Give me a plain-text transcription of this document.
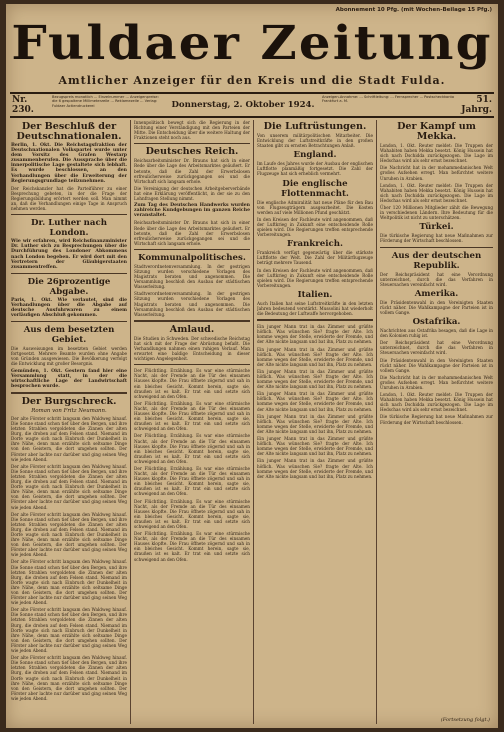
Abonnement 10 Pfg. (mit Wochen-Beilage 15 Pfg.)
Fuldaer Zeitung
Amtlicher Anzeiger für den Kreis und die Stadt Fulda.
Nr. 230.
Bezugspreis monatlich ... Einzelnummer ... Anzeigenpreise: die 6 gespaltene Millimeterzeile ... Reklamezeile ... Verlag: Fuldaer Actiendruckerei	Donnerstag, 2. Oktober 1924.
Anzeigen-Annahme: ... Schriftleitung: ... Fernsprecher ... Postscheckkonto Frankfurt a. M.	51. Jahrg.
Der Beschluß der Deutschnationalen.

Berlin, 1. Okt. Die Reichstagsfraktion der Deutschnationalen Volkspartei wurde unter dem Vorsitz des Grafen Westarp zusammenberufen. Die Aussprache über die innerpolitische Lage gestaltete sich lebhaft. Es wurde beschlossen, an den Verhandlungen über die Erweiterung der Regierungsgrundlage teilzunehmen.

Der Reichskanzler hat die Parteiführer zu einer Besprechung gebeten, in der die Frage der Regierungsbildung erörtert werden soll. Man nimmt an, daß die Verhandlungen einige Tage in Anspruch nehmen werden.

Dr. Luther nach London.

Wie wir erfahren, wird Reichsfinanzminister Dr. Luther sich zu Besprechungen über die Durchführung des Londoner Abkommens nach London begeben. Er wird dort mit den Vertretern der Gläubigerstaaten zusammentreffen.

Die 26prozentige Abgabe.

Paris, 1. Okt. Wie verlautet, sind die Verhandlungen über die Abgabe auf deutsche Ausfuhrwaren zu einem vorläufigen Abschluß gekommen.

Aus dem besetzten Gebiet.

Die Ausweisungen im besetzten Gebiet werden fortgesetzt. Mehrere Beamte wurden ohne Angabe von Gründen ausgewiesen. Die Bevölkerung verfolgt die Entwicklung mit großer Besorgnis.

Gemünden, 1. Okt. Gestern fand hier eine Versammlung statt, in der die wirtschaftliche Lage der Landwirtschaft besprochen wurde.

Der Burgschreck.
Roman von Fritz Neumann.

Der alte Förster schritt langsam den Waldweg hinauf. Die Sonne stand schon tief über den Bergen, und ihre letzten Strahlen vergoldeten die Zinnen der alten Burg, die droben auf dem Felsen stand. Niemand im Dorfe wagte sich nach Einbruch der Dunkelheit in ihre Nähe, denn man erzählte sich seltsame Dinge von den Geistern, die dort umgehen sollten. Der Förster aber lachte nur darüber und ging seinen Weg wie jeden Abend.

Der alte Förster schritt langsam den Waldweg hinauf. Die Sonne stand schon tief über den Bergen, und ihre letzten Strahlen vergoldeten die Zinnen der alten Burg, die droben auf dem Felsen stand. Niemand im Dorfe wagte sich nach Einbruch der Dunkelheit in ihre Nähe, denn man erzählte sich seltsame Dinge von den Geistern, die dort umgehen sollten. Der Förster aber lachte nur darüber und ging seinen Weg wie jeden Abend.

Der alte Förster schritt langsam den Waldweg hinauf. Die Sonne stand schon tief über den Bergen, und ihre letzten Strahlen vergoldeten die Zinnen der alten Burg, die droben auf dem Felsen stand. Niemand im Dorfe wagte sich nach Einbruch der Dunkelheit in ihre Nähe, denn man erzählte sich seltsame Dinge von den Geistern, die dort umgehen sollten. Der Förster aber lachte nur darüber und ging seinen Weg wie jeden Abend.

Der alte Förster schritt langsam den Waldweg hinauf. Die Sonne stand schon tief über den Bergen, und ihre letzten Strahlen vergoldeten die Zinnen der alten Burg, die droben auf dem Felsen stand. Niemand im Dorfe wagte sich nach Einbruch der Dunkelheit in ihre Nähe, denn man erzählte sich seltsame Dinge von den Geistern, die dort umgehen sollten. Der Förster aber lachte nur darüber und ging seinen Weg wie jeden Abend.

Der alte Förster schritt langsam den Waldweg hinauf. Die Sonne stand schon tief über den Bergen, und ihre letzten Strahlen vergoldeten die Zinnen der alten Burg, die droben auf dem Felsen stand. Niemand im Dorfe wagte sich nach Einbruch der Dunkelheit in ihre Nähe, denn man erzählte sich seltsame Dinge von den Geistern, die dort umgehen sollten. Der Förster aber lachte nur darüber und ging seinen Weg wie jeden Abend.

Der alte Förster schritt langsam den Waldweg hinauf. Die Sonne stand schon tief über den Bergen, und ihre letzten Strahlen vergoldeten die Zinnen der alten Burg, die droben auf dem Felsen stand. Niemand im Dorfe wagte sich nach Einbruch der Dunkelheit in ihre Nähe, denn man erzählte sich seltsame Dinge von den Geistern, die dort umgehen sollten. Der Förster aber lachte nur darüber und ging seinen Weg wie jeden Abend.

Innenpolitisch bewegt sich die Regierung in der Richtung einer Verständigung mit den Parteien der Mitte. Die Entscheidung über die weitere Haltung der Fraktionen steht noch aus.

Deutsches Reich.

Reichsarbeitsminister Dr. Brauns hat sich in einer Rede über die Lage des Arbeitsmarktes geäußert. Er betonte, daß die Zahl der Erwerbslosen erfreulicherweise zurückgegangen sei und die Wirtschaft sich langsam erhole.

Die Vereinigung der deutschen Arbeitgeberverbände hat eine Erklärung veröffentlicht, in der sie zu den Lohnfragen Stellung nimmt.

Zum Tag des Deutschen Handwerks wurden zahlreiche Kundgebungen im ganzen Reiche veranstaltet.

Reichsarbeitsminister Dr. Brauns hat sich in einer Rede über die Lage des Arbeitsmarktes geäußert. Er betonte, daß die Zahl der Erwerbslosen erfreulicherweise zurückgegangen sei und die Wirtschaft sich langsam erhole.

Kommunalpolitisches.

Stadtverordnetenversammlung. In der gestrigen Sitzung wurden verschiedene Vorlagen des Magistrats beraten und angenommen. Die Versammlung beschloß den Ausbau der städtischen Wasserleitung.

Stadtverordnetenversammlung. In der gestrigen Sitzung wurden verschiedene Vorlagen des Magistrats beraten und angenommen. Die Versammlung beschloß den Ausbau der städtischen Wasserleitung.

Amlaud.

Die Studien in Schweden. Der schwedische Reichstag hat sich mit der Frage der Abrüstung befaßt. Die Verhandlungen nahmen einen ruhigen Verlauf. Man erwartet eine baldige Entscheidung in dieser wichtigen Angelegenheit.

Der Flüchtling. Erzählung. Es war eine stürmische Nacht, als der Fremde an die Tür des einsamen Hauses klopfte. Die Frau öffnete zögernd und sah in ein bleiches Gesicht. Kommt herein, sagte sie, draußen ist es kalt. Er trat ein und setzte sich schweigend an den Ofen.

Der Flüchtling. Erzählung. Es war eine stürmische Nacht, als der Fremde an die Tür des einsamen Hauses klopfte. Die Frau öffnete zögernd und sah in ein bleiches Gesicht. Kommt herein, sagte sie, draußen ist es kalt. Er trat ein und setzte sich schweigend an den Ofen.

Der Flüchtling. Erzählung. Es war eine stürmische Nacht, als der Fremde an die Tür des einsamen Hauses klopfte. Die Frau öffnete zögernd und sah in ein bleiches Gesicht. Kommt herein, sagte sie, draußen ist es kalt. Er trat ein und setzte sich schweigend an den Ofen.

Der Flüchtling. Erzählung. Es war eine stürmische Nacht, als der Fremde an die Tür des einsamen Hauses klopfte. Die Frau öffnete zögernd und sah in ein bleiches Gesicht. Kommt herein, sagte sie, draußen ist es kalt. Er trat ein und setzte sich schweigend an den Ofen.

Der Flüchtling. Erzählung. Es war eine stürmische Nacht, als der Fremde an die Tür des einsamen Hauses klopfte. Die Frau öffnete zögernd und sah in ein bleiches Gesicht. Kommt herein, sagte sie, draußen ist es kalt. Er trat ein und setzte sich schweigend an den Ofen.

Der Flüchtling. Erzählung. Es war eine stürmische Nacht, als der Fremde an die Tür des einsamen Hauses klopfte. Die Frau öffnete zögernd und sah in ein bleiches Gesicht. Kommt herein, sagte sie, draußen ist es kalt. Er trat ein und setzte sich schweigend an den Ofen.

Die Luftrüstungen.

Von unserem militärpolitischen Mitarbeiter. Die Entwicklung der Luftstreitkräfte in den großen Staaten gibt zu ernsten Betrachtungen Anlaß.

England.

Im Laufe des Jahres wurde der Ausbau der englischen Luftflotte planmäßig fortgesetzt. Die Zahl der Flugzeuge hat sich erheblich vermehrt.

Die englische Flottenmacht.

Die englische Admiralität hat neue Pläne für den Bau von Flugzeugträgern ausgearbeitet. Die Kosten werden auf viele Millionen Pfund geschätzt.

In den Kreisen der Fachleute wird angenommen, daß der Luftkrieg in Zukunft eine entscheidende Rolle spielen wird. Die Regierungen treffen entsprechende Vorbereitungen.

Frankreich.

Frankreich verfügt gegenwärtig über die stärkste Luftflotte der Welt. Die Zahl der Militärflugzeuge beträgt mehrere Tausend.

In den Kreisen der Fachleute wird angenommen, daß der Luftkrieg in Zukunft eine entscheidende Rolle spielen wird. Die Regierungen treffen entsprechende Vorbereitungen.

Italien.

Auch Italien hat seine Luftstreitkräfte in den letzten Jahren bedeutend verstärkt. Mussolini hat wiederholt die Bedeutung der Luftwaffe hervorgehoben.

Ein junger Mann trat in das Zimmer und grüßte höflich. Was wünschen Sie? fragte der Alte. Ich komme wegen der Stelle, erwiderte der Fremde, und der Alte nickte langsam und bat ihn, Platz zu nehmen.

Ein junger Mann trat in das Zimmer und grüßte höflich. Was wünschen Sie? fragte der Alte. Ich komme wegen der Stelle, erwiderte der Fremde, und der Alte nickte langsam und bat ihn, Platz zu nehmen.

Ein junger Mann trat in das Zimmer und grüßte höflich. Was wünschen Sie? fragte der Alte. Ich komme wegen der Stelle, erwiderte der Fremde, und der Alte nickte langsam und bat ihn, Platz zu nehmen.

Ein junger Mann trat in das Zimmer und grüßte höflich. Was wünschen Sie? fragte der Alte. Ich komme wegen der Stelle, erwiderte der Fremde, und der Alte nickte langsam und bat ihn, Platz zu nehmen.

Ein junger Mann trat in das Zimmer und grüßte höflich. Was wünschen Sie? fragte der Alte. Ich komme wegen der Stelle, erwiderte der Fremde, und der Alte nickte langsam und bat ihn, Platz zu nehmen.

Ein junger Mann trat in das Zimmer und grüßte höflich. Was wünschen Sie? fragte der Alte. Ich komme wegen der Stelle, erwiderte der Fremde, und der Alte nickte langsam und bat ihn, Platz zu nehmen.

Ein junger Mann trat in das Zimmer und grüßte höflich. Was wünschen Sie? fragte der Alte. Ich komme wegen der Stelle, erwiderte der Fremde, und der Alte nickte langsam und bat ihn, Platz zu nehmen.

Der Kampf um Mekka.

London, 1. Okt. Reuter meldet: Die Truppen der Wahabiten haben Mekka besetzt. König Hussein hat sich nach Dschidda zurückgezogen. Die Lage im Hedschas wird als sehr ernst bezeichnet.

Die Nachricht hat in der mohammedanischen Welt großes Aufsehen erregt. Man befürchtet weitere Unruhen in Arabien.

London, 1. Okt. Reuter meldet: Die Truppen der Wahabiten haben Mekka besetzt. König Hussein hat sich nach Dschidda zurückgezogen. Die Lage im Hedschas wird als sehr ernst bezeichnet.

Über 120 Millionen Mitglieder zählt die Bewegung in verschiedenen Ländern. Ihre Bedeutung für die Weltpolitik ist nicht zu unterschätzen.

Türkei.

Die türkische Regierung hat neue Maßnahmen zur Förderung der Wirtschaft beschlossen.

Aus der deutschen Republik.

Der Reichspräsident hat eine Verordnung unterzeichnet, durch die das Verfahren in Steuersachen vereinfacht wird.

Amerika.

Die Präsidentenwahl in den Vereinigten Staaten rückt näher. Die Wahlkampagne der Parteien ist in vollem Gange.

Ostafrika.

Nachrichten aus Ostafrika besagen, daß die Lage in den Kolonien ruhig ist.

Der Reichspräsident hat eine Verordnung unterzeichnet, durch die das Verfahren in Steuersachen vereinfacht wird.

Die Präsidentenwahl in den Vereinigten Staaten rückt näher. Die Wahlkampagne der Parteien ist in vollem Gange.

Die Nachricht hat in der mohammedanischen Welt großes Aufsehen erregt. Man befürchtet weitere Unruhen in Arabien.

London, 1. Okt. Reuter meldet: Die Truppen der Wahabiten haben Mekka besetzt. König Hussein hat sich nach Dschidda zurückgezogen. Die Lage im Hedschas wird als sehr ernst bezeichnet.

Die türkische Regierung hat neue Maßnahmen zur Förderung der Wirtschaft beschlossen.

(Fortsetzung folgt.)
